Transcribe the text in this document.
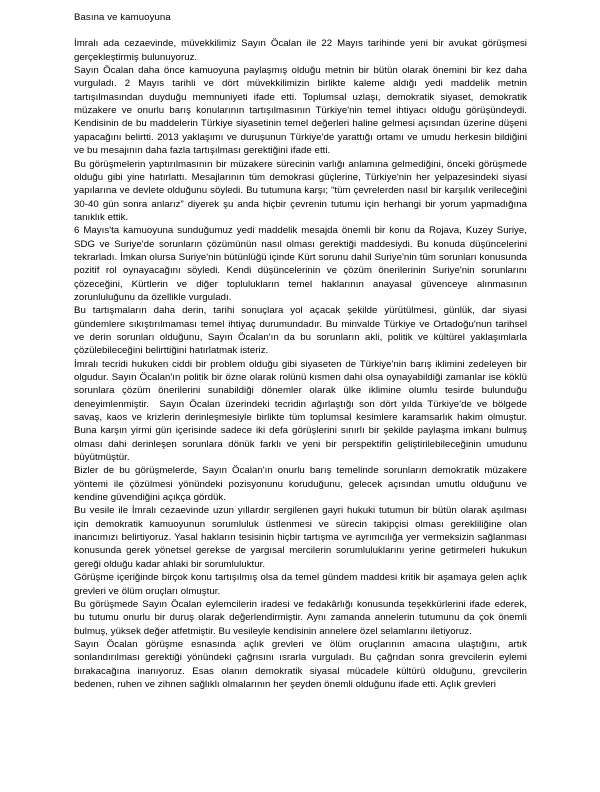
Basına ve kamuoyuna

İmralı ada cezaevinde, müvekkilimiz Sayın Öcalan ile 22 Mayıs tarihinde yeni bir avukat görüşmesi gerçekleştirmiş bulunuyoruz.

Sayın Öcalan daha önce kamuoyuna paylaşmış olduğu metnin bir bütün olarak önemini bir kez daha vurguladı. 2 Mayıs tarihli ve dört müvekkilimizin birlikte kaleme aldığı yedi maddelik metnin tartışılmasından duyduğu memnuniyeti ifade etti. Toplumsal uzlaşı, demokratik siyaset, demokratik müzakere ve onurlu barış konularının tartışılmasının Türkiye'nin temel ihtiyacı olduğu görüşündeydi. Kendisinin de bu maddelerin Türkiye siyasetinin temel değerleri haline gelmesi açısından üzerine düşeni yapacağını belirtti. 2013 yaklaşımı ve duruşunun Türkiye'de yarattığı ortamı ve umudu herkesin bildiğini ve bu mesajının daha fazla tartışılması gerektiğini ifade etti.

Bu görüşmelerin yaptırılmasının bir müzakere sürecinin varlığı anlamına gelmediğini, önceki görüşmede olduğu gibi yine hatırlattı. Mesajlarının tüm demokrasi güçlerine, Türkiye'nin her yelpazesindeki siyasi yapılarına ve devlete olduğunu söyledi. Bu tutumuna karşı; “tüm çevrelerden nasıl bir karşılık verileceğini 30-40 gün sonra anlarız” diyerek şu anda hiçbir çevrenin tutumu için herhangi bir yorum yapmadığına tanıklık ettik.

6 Mayıs'ta kamuoyuna sunduğumuz yedi maddelik mesajda önemli bir konu da Rojava, Kuzey Suriye, SDG ve Suriye'de sorunların çözümünün nasıl olması gerektiği maddesiydi. Bu konuda düşüncelerini tekrarladı. İmkan olursa Suriye'nin bütünlüğü içinde Kürt sorunu dahil Suriye'nin tüm sorunları konusunda pozitif rol oynayacağını söyledi. Kendi düşüncelerinin ve çözüm önerilerinin Suriye'nin sorunlarını çözeceğini, Kürtlerin ve diğer toplulukların temel haklarının anayasal güvenceye alınmasının zorunluluğunu da özellikle vurguladı.

Bu tartışmaların daha derin, tarihi sonuçlara yol açacak şekilde yürütülmesi, günlük, dar siyasi gündemlere sıkıştırılmaması temel ihtiyaç durumundadır. Bu minvalde Türkiye ve Ortadoğu'nun tarihsel ve derin sorunları olduğunu, Sayın Öcalan'ın da bu sorunların akli, politik ve kültürel yaklaşımlarla çözülebileceğini belirttiğini hatırlatmak isteriz.

İmralı tecridi hukuken ciddi bir problem olduğu gibi siyaseten de Türkiye'nin barış iklimini zedeleyen bir olgudur. Sayın Öcalan'ın politik bir özne olarak rolünü kısmen dahi olsa oynayabildiği zamanlar ise köklü sorunlara çözüm önerilerini sunabildiği dönemler olarak ülke iklimine olumlu tesirde bulunduğu deneyimlenmiştir.  Sayın Öcalan üzerindeki tecridin ağırlaştığı son dört yılda Türkiye'de ve bölgede savaş, kaos ve krizlerin derinleşmesiyle birlikte tüm toplumsal kesimlere karamsarlık hakim olmuştur. Buna karşın yirmi gün içerisinde sadece iki defa görüşlerini sınırlı bir şekilde paylaşma imkanı bulmuş olması dahi derinleşen sorunlara dönük farklı ve yeni bir perspektifin geliştirilebileceğinin umudunu büyütmüştür.

Bizler de bu görüşmelerde, Sayın Öcalan'ın onurlu barış temelinde sorunların demokratik müzakere yöntemi ile çözülmesi yönündeki pozisyonunu koruduğunu, gelecek açısından umutlu olduğunu ve kendine güvendiğini açıkça gördük.

Bu vesile ile İmralı cezaevinde uzun yıllardır sergilenen gayri hukuki tutumun bir bütün olarak aşılması için demokratik kamuoyunun sorumluluk üstlenmesi ve sürecin takipçisi olması gerekliliğine olan inancımızı belirtiyoruz. Yasal hakların tesisinin hiçbir tartışma ve ayrımcılığa yer vermeksizin sağlanması konusunda gerek yönetsel gerekse de yargısal mercilerin sorumluluklarını yerine getirmeleri hukukun gereği olduğu kadar ahlaki bir sorumluluktur.

Görüşme içeriğinde birçok konu tartışılmış olsa da temel gündem maddesi kritik bir aşamaya gelen açlık grevleri ve ölüm oruçları olmuştur.

Bu görüşmede Sayın Öcalan eylemcilerin iradesi ve fedakârlığı konusunda teşekkürlerini ifade ederek, bu tutumu onurlu bir duruş olarak değerlendirmiştir. Aynı zamanda annelerin tutumunu da çok önemli bulmuş, yüksek değer atfetmiştir. Bu vesileyle kendisinin annelere özel selamlarını iletiyoruz.

Sayın Öcalan görüşme esnasında açlık grevleri ve ölüm oruçlarının amacına ulaştığını, artık sonlandırılması gerektiği yönündeki çağrısını ısrarla vurguladı. Bu çağrıdan sonra grevcilerin eylemi bırakacağına inanıyoruz. Esas olanın demokratik siyasal mücadele kültürü olduğunu, grevcilerin bedenen, ruhen ve zihnen sağlıklı olmalarının her şeyden önemli olduğunu ifade etti. Açlık grevleri
